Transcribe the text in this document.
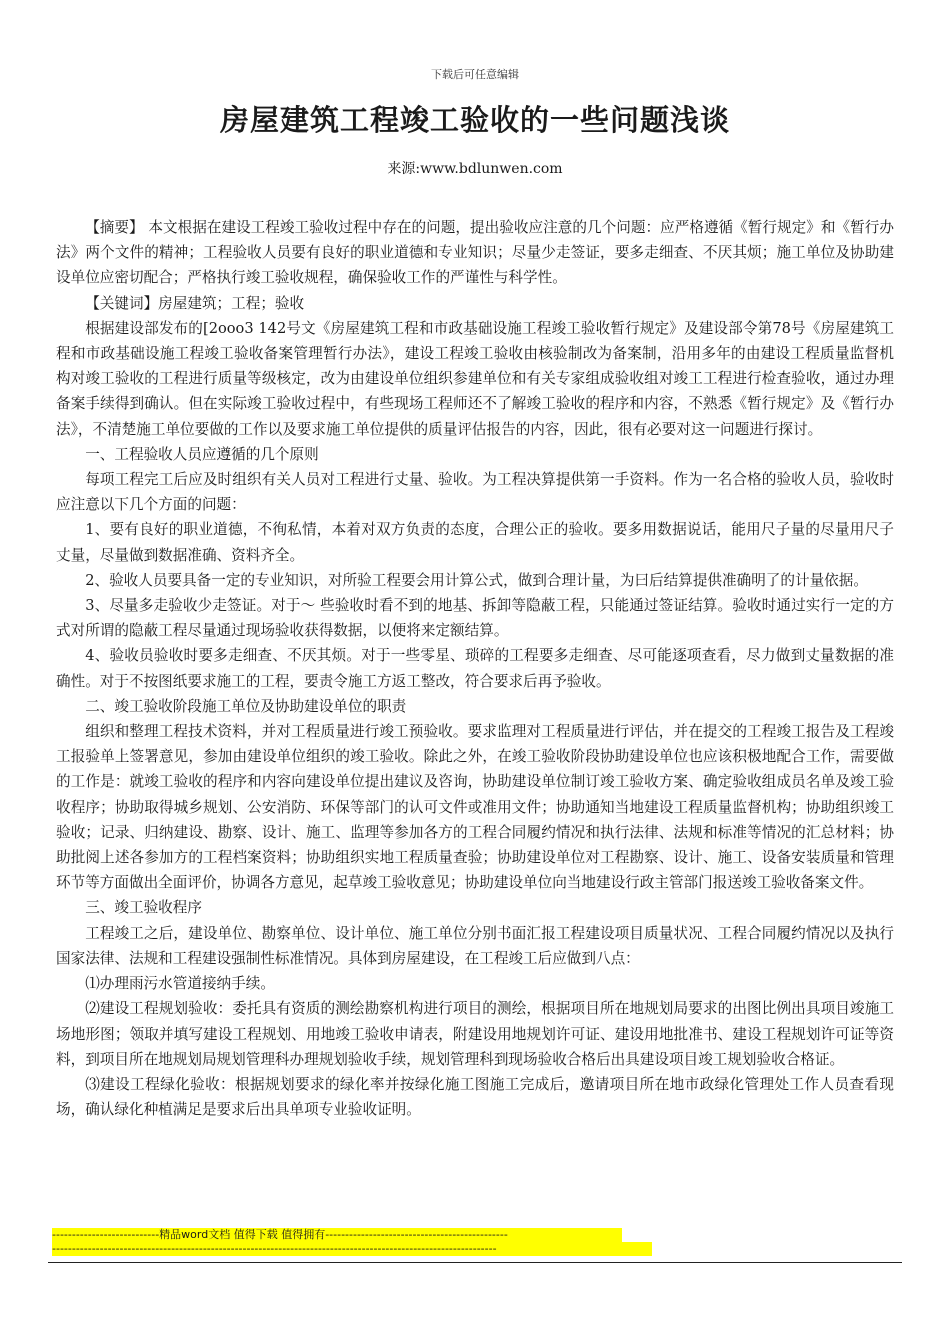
下载后可任意编辑
房屋建筑工程竣工验收的一些问题浅谈
来源:www.bdlunwen.com

【摘要】 本文根据在建设工程竣工验收过程中存在的问题，提出验收应注意的几个问题：应严格遵循《暂行规定》和《暂行办法》两个文件的精神；工程验收人员要有良好的职业道德和专业知识；尽量少走签证，要多走细查、不厌其烦；施工单位及协助建设单位应密切配合；严格执行竣工验收规程，确保验收工作的严谨性与科学性。

【关键词】房屋建筑；工程；验收

根据建设部发布的[2ooo3 142号文《房屋建筑工程和市政基础设施工程竣工验收暂行规定》及建设部令第78号《房屋建筑工程和市政基础设施工程竣工验收备案管理暂行办法》，建设工程竣工验收由核验制改为备案制，沿用多年的由建设工程质量监督机构对竣工验收的工程进行质量等级核定，改为由建设单位组织参建单位和有关专家组成验收组对竣工工程进行检查验收，通过办理备案手续得到确认。但在实际竣工验收过程中，有些现场工程师还不了解竣工验收的程序和内容，不熟悉《暂行规定》及《暂行办法》，不清楚施工单位要做的工作以及要求施工单位提供的质量评估报告的内容，因此，很有必要对这一问题进行探讨。

一、工程验收人员应遵循的几个原则

每项工程完工后应及时组织有关人员对工程进行丈量、验收。为工程决算提供第一手资料。作为一名合格的验收人员，验收时应注意以下几个方面的问题：

1、要有良好的职业道德，不徇私情，本着对双方负责的态度，合理公正的验收。要多用数据说话，能用尺子量的尽量用尺子丈量，尽量做到数据准确、资料齐全。

2、验收人员要具备一定的专业知识，对所验工程要会用计算公式，做到合理计量，为曰后结算提供准确明了的计量依据。

3、尽量多走验收少走签证。对于～ 些验收时看不到的地基、拆卸等隐蔽工程，只能通过签证结算。验收时通过实行一定的方式对所谓的隐蔽工程尽量通过现场验收获得数据，以便将来定额结算。

4、验收员验收时要多走细查、不厌其烦。对于一些零星、琐碎的工程要多走细查、尽可能逐项查看，尽力做到丈量数据的准确性。对于不按图纸要求施工的工程，要责令施工方返工整改，符合要求后再予验收。

二、竣工验收阶段施工单位及协助建设单位的职责

组织和整理工程技术资料，并对工程质量进行竣工预验收。要求监理对工程质量进行评估，并在提交的工程竣工报告及工程竣工报验单上签署意见，参加由建设单位组织的竣工验收。除此之外，在竣工验收阶段协助建设单位也应该积极地配合工作，需要做的工作是：就竣工验收的程序和内容向建设单位提出建议及咨询，协助建设单位制订竣工验收方案、确定验收组成员名单及竣工验收程序；协助取得城乡规划、公安消防、环保等部门的认可文件或准用文件；协助通知当地建设工程质量监督机构；协助组织竣工验收；记录、归纳建设、勘察、设计、施工、监理等参加各方的工程合同履约情况和执行法律、法规和标准等情况的汇总材料；协助批阅上述各参加方的工程档案资料；协助组织实地工程质量查验；协助建设单位对工程勘察、设计、施工、设备安装质量和管理环节等方面做出全面评价，协调各方意见，起草竣工验收意见；协助建设单位向当地建设行政主管部门报送竣工验收备案文件。

三、竣工验收程序

工程竣工之后，建设单位、勘察单位、设计单位、施工单位分别书面汇报工程建设项目质量状况、工程合同履约情况以及执行国家法律、法规和工程建设强制性标准情况。具体到房屋建设，在工程竣工后应做到八点：

⑴办理雨污水管道接纳手续。

⑵建设工程规划验收：委托具有资质的测绘勘察机构进行项目的测绘，根据项目所在地规划局要求的出图比例出具项目竣施工场地形图；领取并填写建设工程规划、用地竣工验收申请表，附建设用地规划许可证、建设用地批准书、建设工程规划许可证等资料，到项目所在地规划局规划管理科办理规划验收手续，规划管理科到现场验收合格后出具建设项目竣工规划验收合格证。

⑶建设工程绿化验收：根据规划要求的绿化率并按绿化施工图施工完成后，邀请项目所在地市政绿化管理处工作人员查看现场，确认绿化种植满足是要求后出具单项专业验收证明。

---------------------------精品word文档 值得下载 值得拥有----------------------------------------------
----------------------------------------------------------------------------------------------------------------
